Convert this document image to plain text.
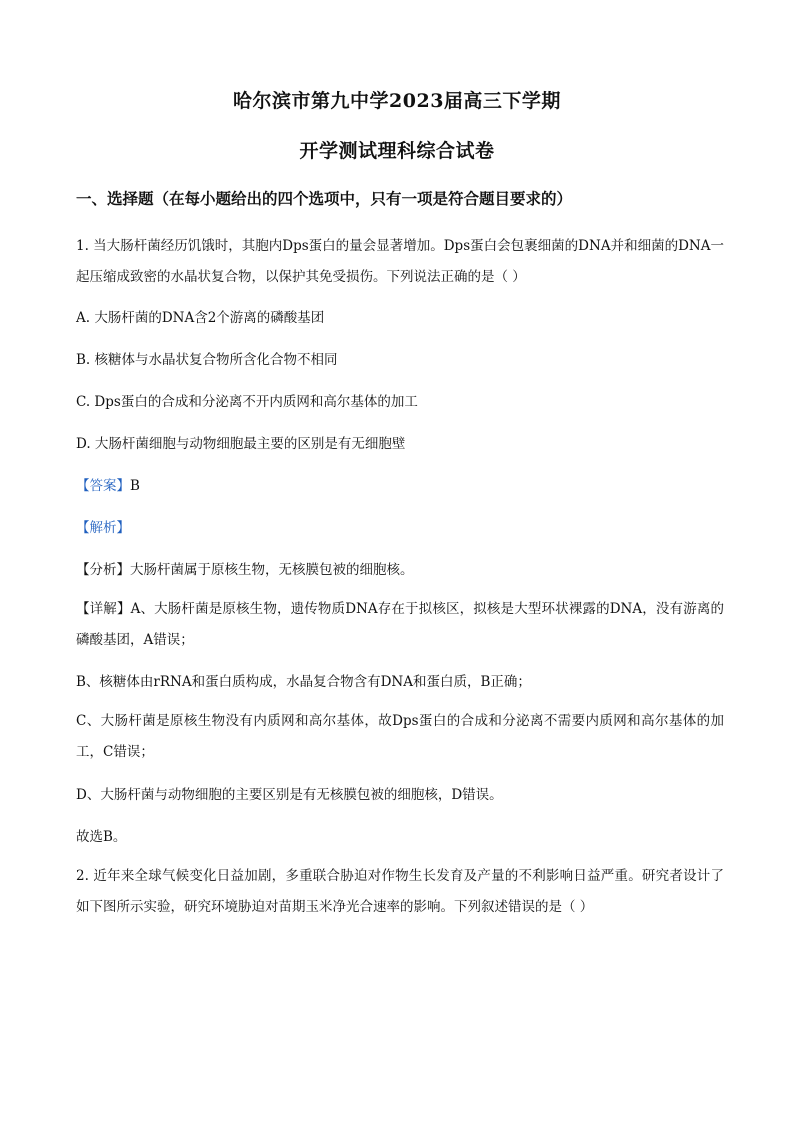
哈尔滨市第九中学2023届高三下学期
开学测试理科综合试卷
一、选择题（在每小题给出的四个选项中，只有一项是符合题目要求的）
1. 当大肠杆菌经历饥饿时，其胞内Dps蛋白的量会显著增加。Dps蛋白会包裹细菌的DNA并和细菌的DNA一起压缩成致密的水晶状复合物，以保护其免受损伤。下列说法正确的是（ ）
A. 大肠杆菌的DNA含2个游离的磷酸基团
B. 核糖体与水晶状复合物所含化合物不相同
C. Dps蛋白的合成和分泌离不开内质网和高尔基体的加工
D. 大肠杆菌细胞与动物细胞最主要的区别是有无细胞壁
【答案】B
【解析】
【分析】大肠杆菌属于原核生物，无核膜包被的细胞核。
【详解】A、大肠杆菌是原核生物，遗传物质DNA存在于拟核区，拟核是大型环状裸露的DNA，没有游离的磷酸基团，A错误；
B、核糖体由rRNA和蛋白质构成，水晶复合物含有DNA和蛋白质，B正确；
C、大肠杆菌是原核生物没有内质网和高尔基体，故Dps蛋白的合成和分泌离不需要内质网和高尔基体的加工，C错误；
D、大肠杆菌与动物细胞的主要区别是有无核膜包被的细胞核，D错误。
故选B。
2. 近年来全球气候变化日益加剧，多重联合胁迫对作物生长发育及产量的不利影响日益严重。研究者设计了如下图所示实验，研究环境胁迫对苗期玉米净光合速率的影响。下列叙述错误的是（ ）
